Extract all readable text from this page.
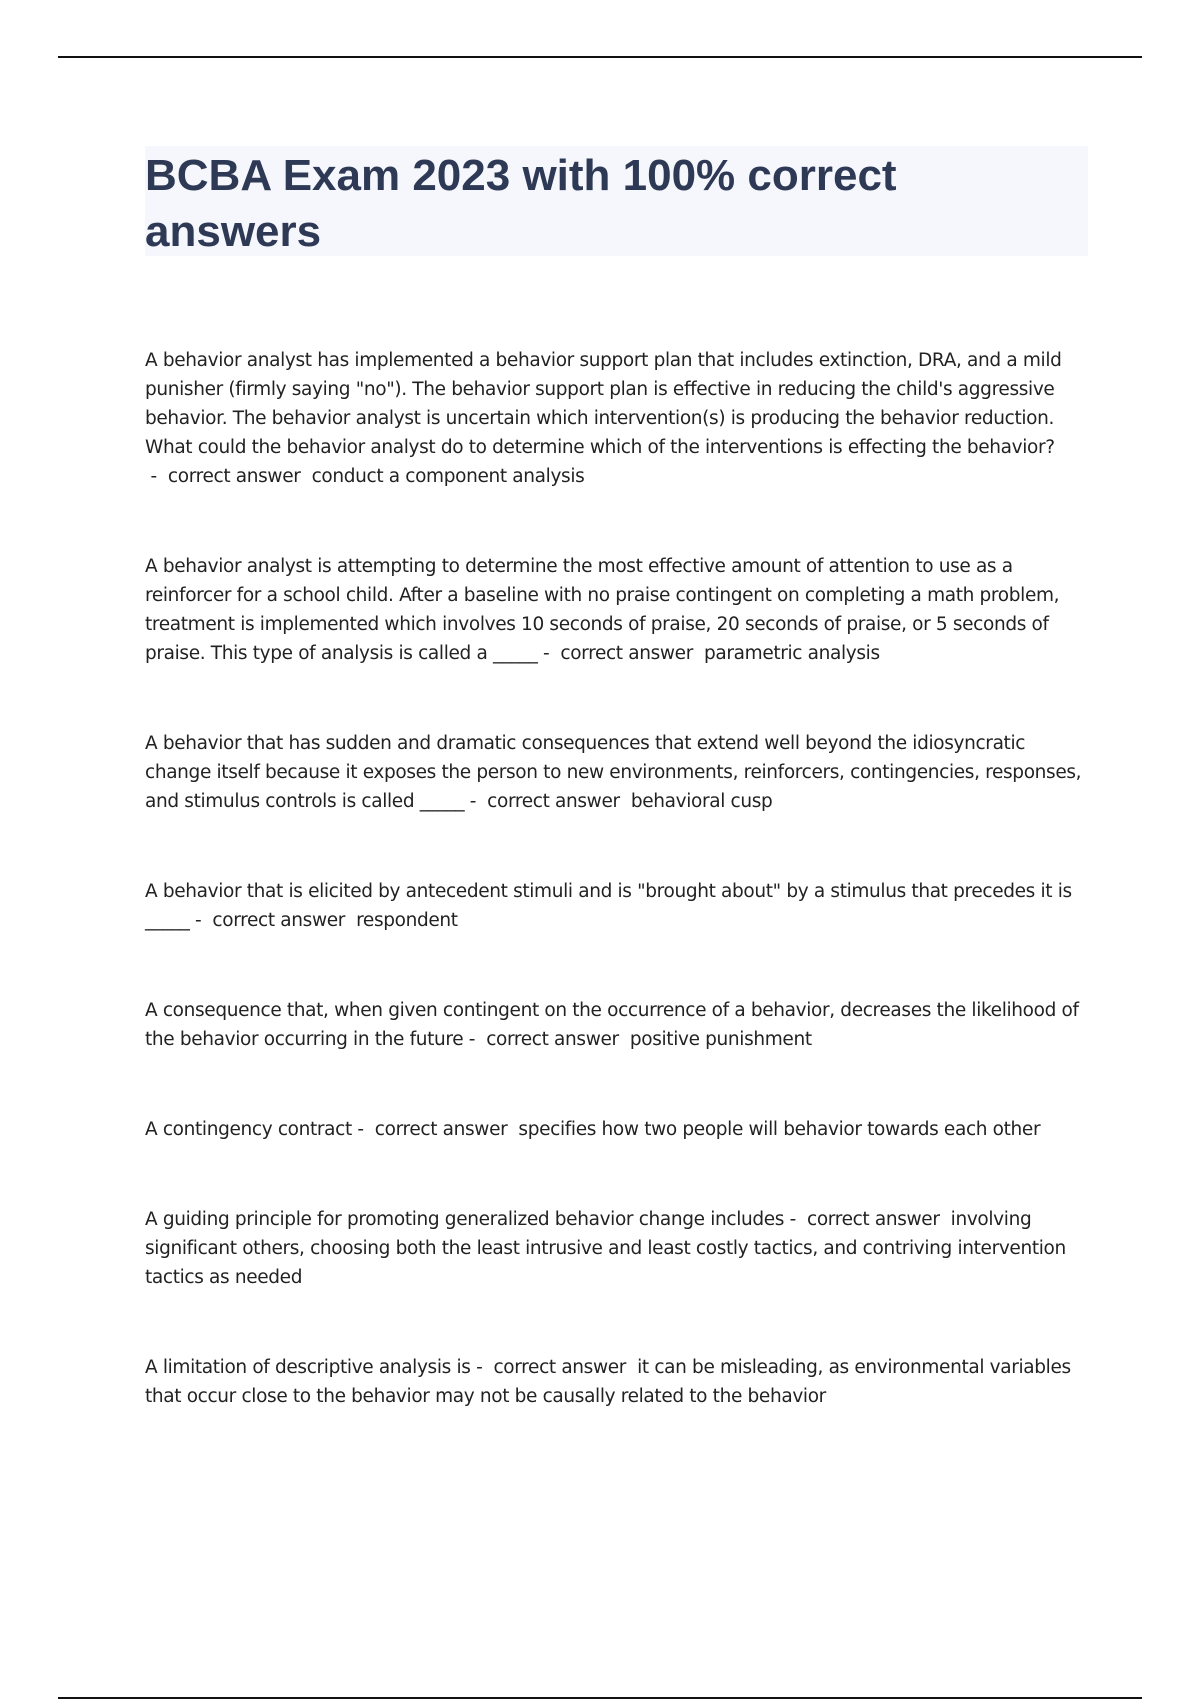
BCBA Exam 2023 with 100% correct answers

A behavior analyst has implemented a behavior support plan that includes extinction, DRA, and a mild punisher (firmly saying "no"). The behavior support plan is effective in reducing the child's aggressive behavior. The behavior analyst is uncertain which intervention(s) is producing the behavior reduction. What could the behavior analyst do to determine which of the interventions is effecting the behavior? -  correct answer  conduct a component analysis

A behavior analyst is attempting to determine the most effective amount of attention to use as a reinforcer for a school child. After a baseline with no praise contingent on completing a math problem, treatment is implemented which involves 10 seconds of praise, 20 seconds of praise, or 5 seconds of praise. This type of analysis is called a _____ -  correct answer  parametric analysis

A behavior that has sudden and dramatic consequences that extend well beyond the idiosyncratic change itself because it exposes the person to new environments, reinforcers, contingencies, responses, and stimulus controls is called _____ -  correct answer  behavioral cusp

A behavior that is elicited by antecedent stimuli and is "brought about" by a stimulus that precedes it is _____ -  correct answer  respondent

A consequence that, when given contingent on the occurrence of a behavior, decreases the likelihood of the behavior occurring in the future -  correct answer  positive punishment

A contingency contract -  correct answer  specifies how two people will behavior towards each other

A guiding principle for promoting generalized behavior change includes -  correct answer  involving significant others, choosing both the least intrusive and least costly tactics, and contriving intervention tactics as needed

A limitation of descriptive analysis is -  correct answer  it can be misleading, as environmental variables that occur close to the behavior may not be causally related to the behavior
